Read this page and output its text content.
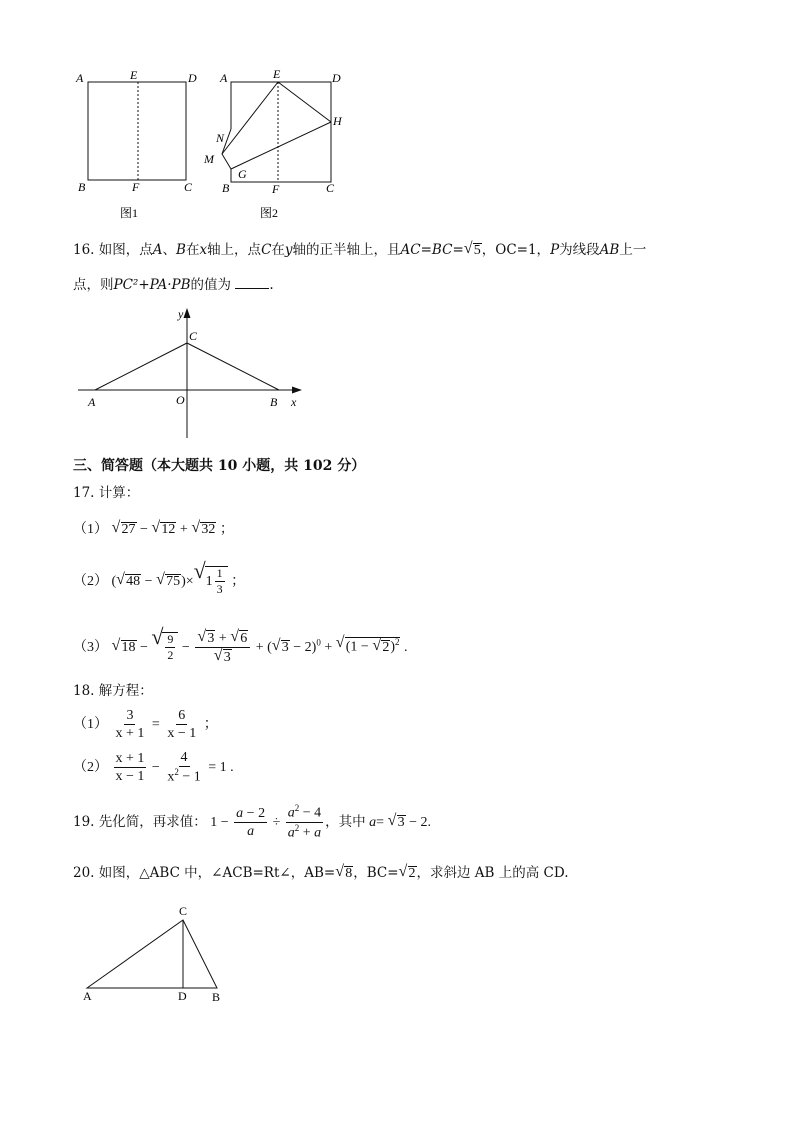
A	E	D
B	F	C
图1
A	E	D
H
N
M
G
B	F	C
图2
16. 如图，点A、B在x轴上，点C在y轴的正半轴上，且AC=BC= √ 5，OC=1，P为线段AB上一
点，则PC²+PA·PB的值为	.
y
C
A	O	B x
三、简答题（本大题共 10 小题，共 102 分）
17. 计算：
（1） √ 27 − √ 12 + √ 32 ；
（2） ( √ 48 − √ 75)× √ $1 \frac{1}{3}$ ；
（3） √ 18 − √ $\frac{9}{2} - \frac{√ 3 + √ 6}{√ 3}$ + ( √ 3 − 2)$^0$ + √ (1 − √ 2)$^2$ .
18. 解方程：
$(1) \frac{3}{x + 1} = \frac{6}{x - 1}$ ；
$(2) \frac{x + 1}{x - 1} - \frac{4}{x^2 - 1} = 1$ .
19. 先化简，再求值： $1 - \frac{a - 2}{a} \div \frac{a^2 - 4}{a^2 + a}$ ，其中 a= √ 3 − 2.
20. 如图，△ABC 中，∠ACB=Rt∠，AB= √ 8，BC= √ 2，求斜边 AB 上的高 CD.
C
A	D B
